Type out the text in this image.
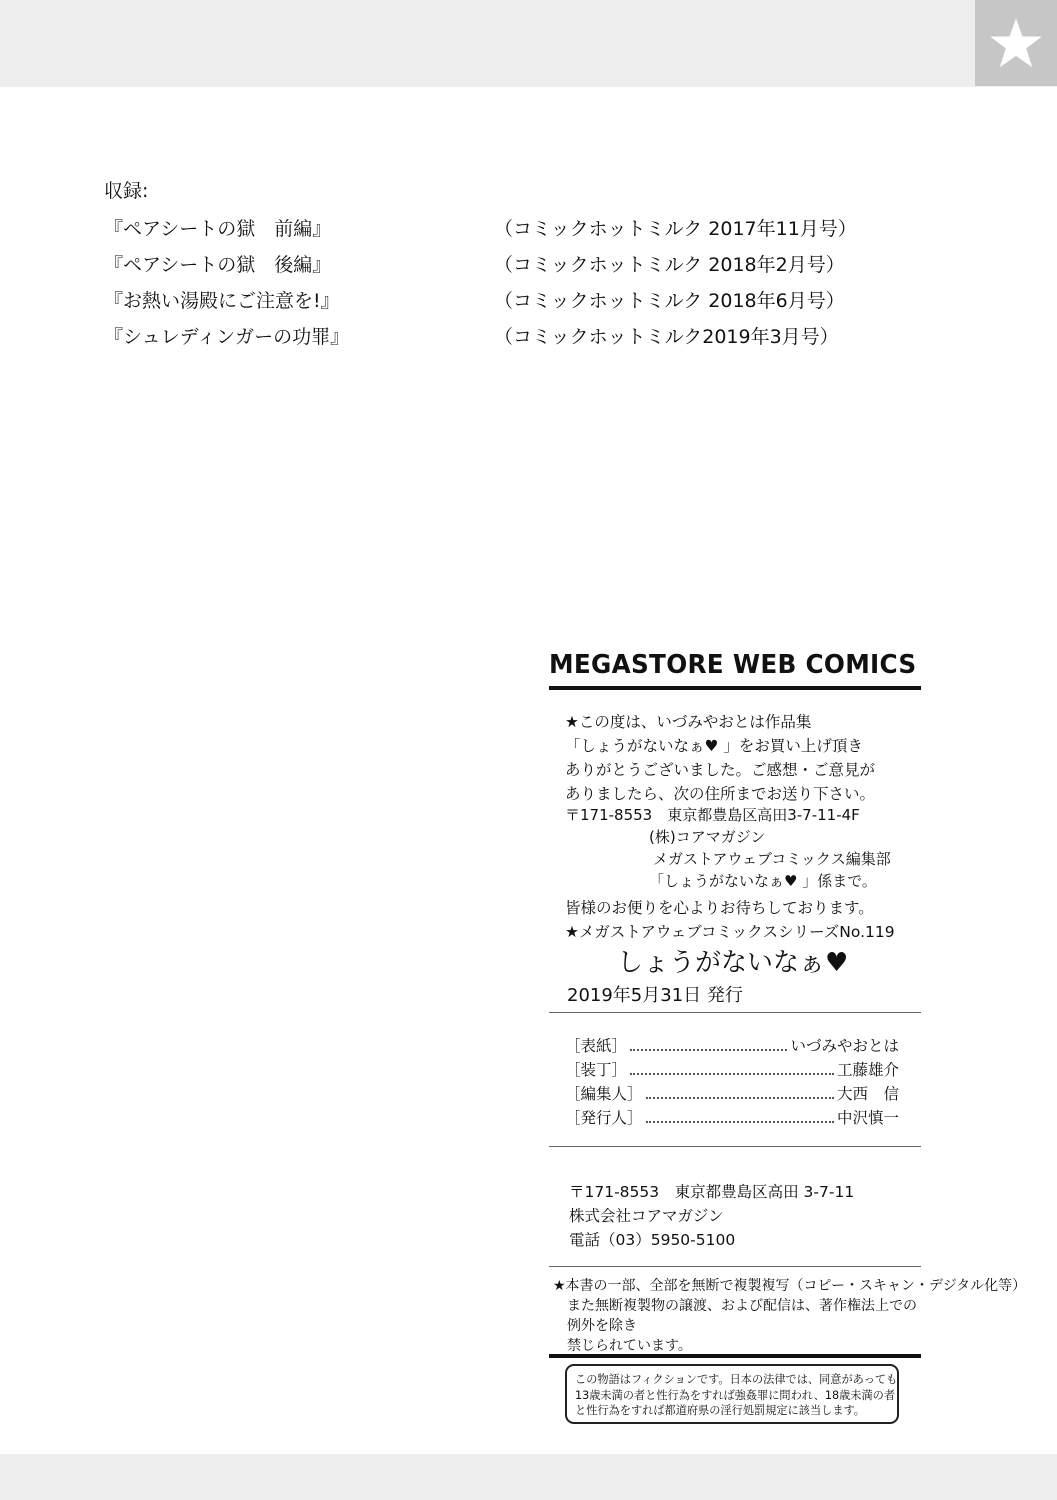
収録:
『ペアシートの獄　前編』	（コミックホットミルク 2017年11月号）
『ペアシートの獄　後編』	（コミックホットミルク 2018年2月号）
『お熱い湯殿にご注意を!』	（コミックホットミルク 2018年6月号）
『シュレディンガーの功罪』	（コミックホットミルク2019年3月号）
MEGASTORE WEB COMICS
★この度は、いづみやおとは作品集
「しょうがないなぁ♥ 」をお買い上げ頂き
ありがとうございました。ご感想・ご意見が
ありましたら、次の住所までお送り下さい。
〒171-8553　東京都豊島区高田3-7-11-4F
(株)コアマガジン
メガストアウェブコミックス編集部
「しょうがないなぁ♥ 」係まで。
皆様のお便りを心よりお待ちしております。
★メガストアウェブコミックスシリーズNo.119
しょうがないなぁ♥
2019年5月31日 発行
［表紙］	いづみやおとは
［装丁］	工藤雄介
［編集人］	大西　信
［発行人］	中沢慎一
〒171-8553　東京都豊島区高田 3-7-11
株式会社コアマガジン
電話（03）5950-5100
★本書の一部、全部を無断で複製複写（コピー・スキャン・デジタル化等）
また無断複製物の譲渡、および配信は、著作権法上での例外を除き
禁じられています。
この物語はフィクションです。日本の法律では、同意があっても
13歳未満の者と性行為をすれば強姦罪に問われ、18歳未満の者
と性行為をすれば都道府県の淫行処罰規定に該当します。
